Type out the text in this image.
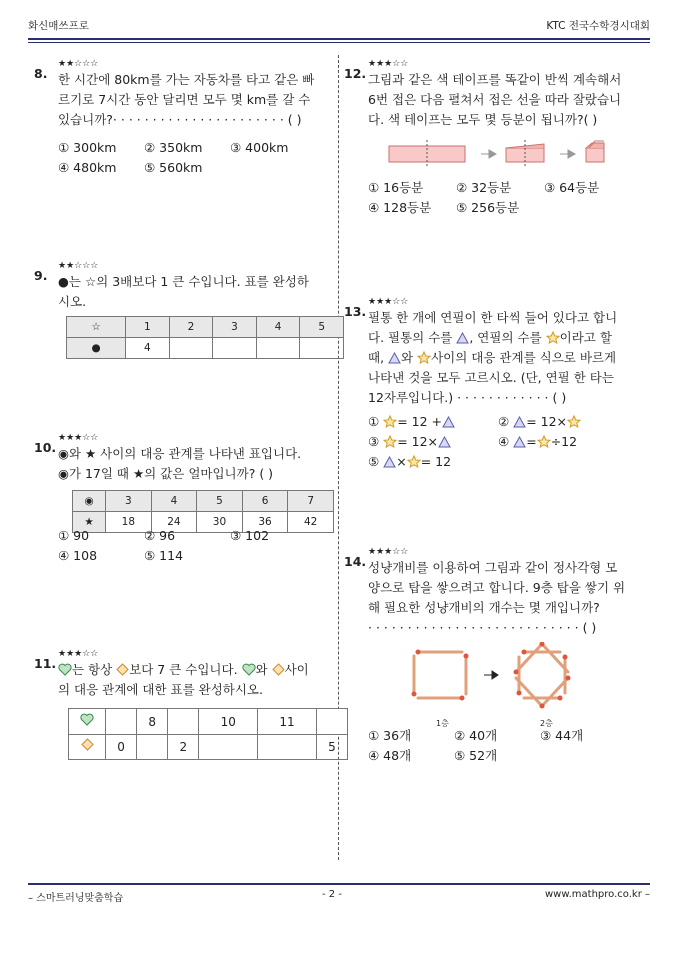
화신매쓰프로	KTC 전국수학경시대회
8.
★★☆☆☆

한 시간에 80km를 가는 자동차를 타고 같은 빠

르기로 7시간 동안 달리면 모두 몇 km를 갈 수

있습니까?· · · · · · · · · · · · · · · · · · · · · · ( )

① 300km	② 350km	③ 400km
④ 480km	⑤ 560km
9.
★★☆☆☆

●는 ☆의 3배보다 1 큰 수입니다. 표를 완성하

시오.

☆	1	2	3	4	5
●	4				
10.
★★★☆☆

◉와 ★ 사이의 대응 관계를 나타낸 표입니다.

◉가 17일 때 ★의 값은 얼마입니까? ( )

◉	3	4	5	6	7
★	18	24	30	36	42
① 90	② 96	③ 102
④ 108	⑤ 114
11.
★★★☆☆

는 항상 보다 7 큰 수입니다. 와 사이

의 대응 관계에 대한 표를 완성하시오.

		8		10	11	
	0		2			5
12.
★★★☆☆

그림과 같은 색 테이프를 똑같이 반씩 계속해서

6번 접은 다음 펼쳐서 접은 선을 따라 잘랐습니

다. 색 테이프는 모두 몇 등분이 됩니까?( )

① 16등분	② 32등분	③ 64등분
④ 128등분	⑤ 256등분
13.
★★★☆☆

필통 한 개에 연필이 한 타씩 들어 있다고 합니

다. 필통의 수를 , 연필의 수를 이라고 할

때, 와 사이의 대응 관계를 식으로 바르게

나타낸 것을 모두 고르시오. (단, 연필 한 타는

12자루입니다.) · · · · · · · · · · · · ( )

① = 12 +	② = 12×
③ = 12×	④ = ÷12
⑤ × = 12
14.
★★★☆☆

성냥개비를 이용하여 그림과 같이 정사각형 모

양으로 탑을 쌓으려고 합니다. 9층 탑을 쌓기 위

해 필요한 성냥개비의 개수는 몇 개입니까?

· · · · · · · · · · · · · · · · · · · · · · · · · · · ( )

1층	2층
① 36개	② 40개	③ 44개
④ 48개	⑤ 52개
– 스마트러닝맞춤학습	- 2 -	www.mathpro.co.kr –
